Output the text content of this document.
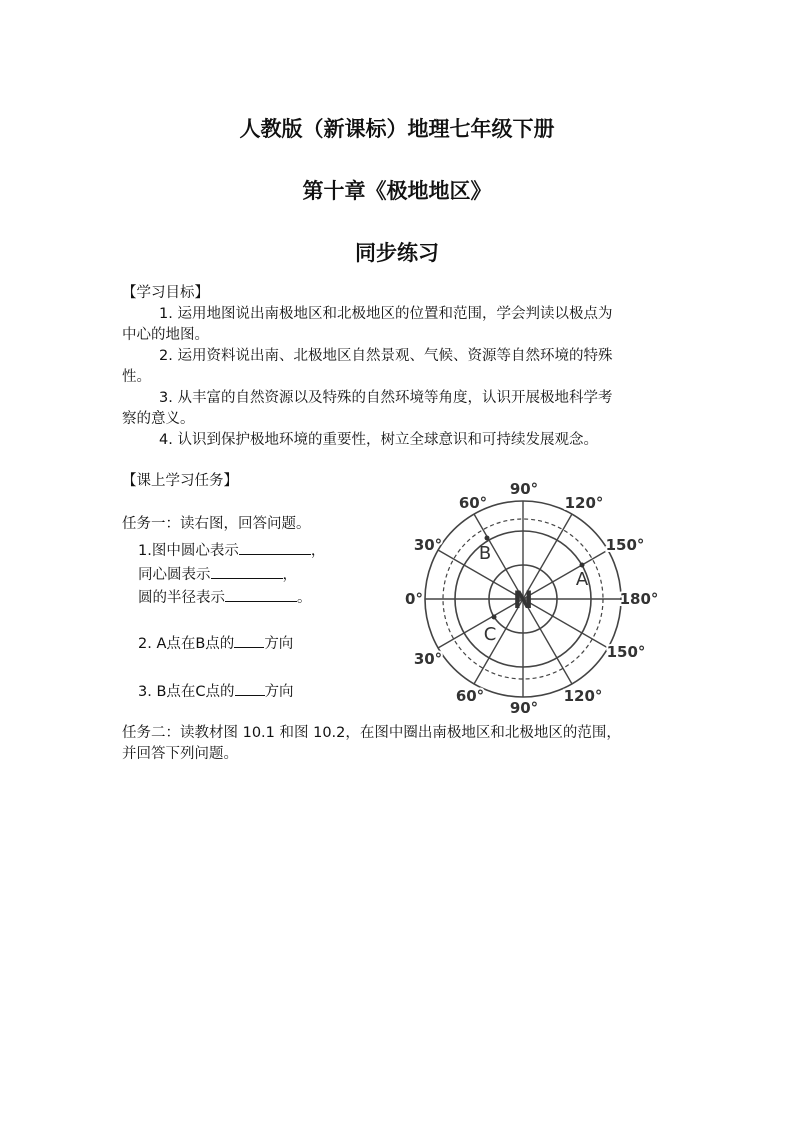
人教版（新课标）地理七年级下册
第十章《极地地区》
同步练习
【学习目标】
1. 运用地图说出南极地区和北极地区的位置和范围，学会判读以极点为
中心的地图。
2. 运用资料说出南、北极地区自然景观、气候、资源等自然环境的特殊
性。
3. 从丰富的自然资源以及特殊的自然环境等角度，认识开展极地科学考
察的意义。
4. 认识到保护极地环境的重要性，树立全球意识和可持续发展观念。
【课上学习任务】
任务一：读右图，回答问题。
1.图中圆心表示	，
同心圆表示	，
圆的半径表示	。
2. A点在B点的 方向
3. B点在C点的 方向
任务二：读教材图 10.1 和图 10.2，在图中圈出南极地区和北极地区的范围，
并回答下列问题。
90°
60°	120°
30°	150°
0°	180°
30°	150°
60°	120°
90°
B
A
C
N
